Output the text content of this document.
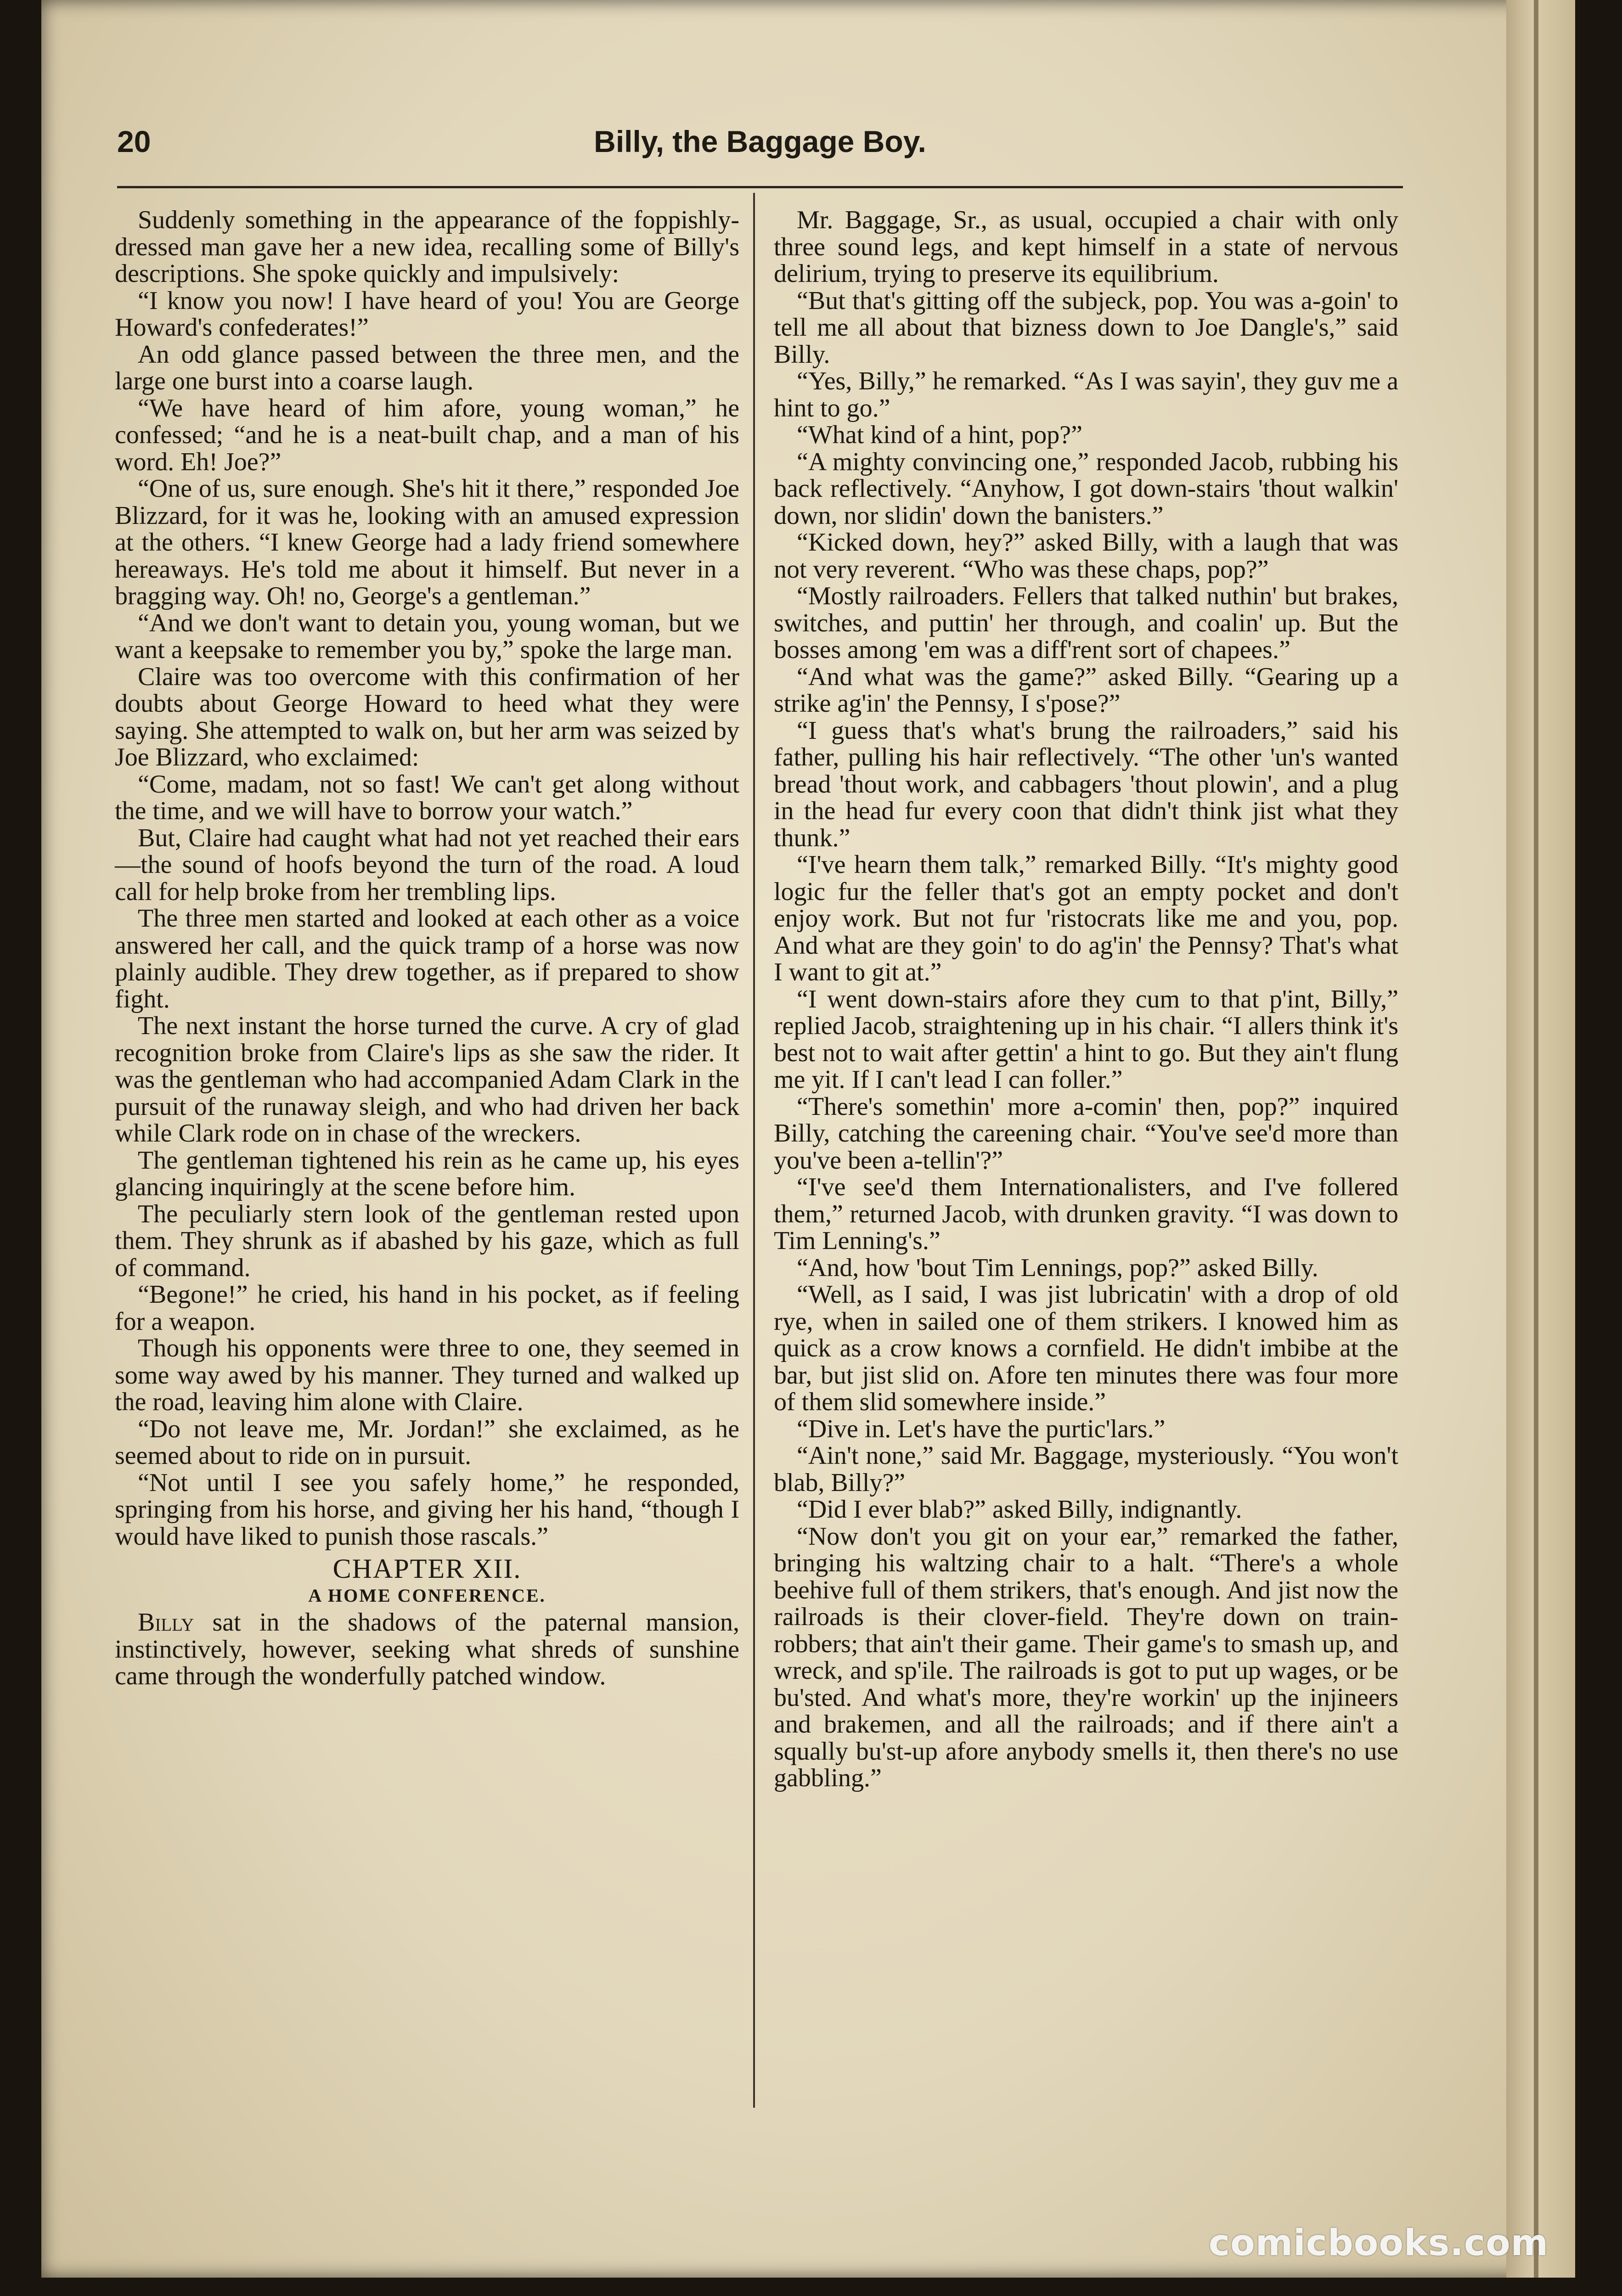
20	Billy, the Baggage Boy.

Suddenly something in the appearance of the foppishly-dressed man gave her a new idea, recalling some of Billy's descriptions. She spoke quickly and impulsively:

“I know you now! I have heard of you! You are George Howard's confederates!”

An odd glance passed between the three men, and the large one burst into a coarse laugh.

“We have heard of him afore, young woman,” he confessed; “and he is a neat-built chap, and a man of his word. Eh! Joe?”

“One of us, sure enough. She's hit it there,” responded Joe Blizzard, for it was he, looking with an amused expression at the others. “I knew George had a lady friend somewhere hereaways. He's told me about it himself. But never in a bragging way. Oh! no, George's a gentleman.”

“And we don't want to detain you, young woman, but we want a keepsake to remember you by,” spoke the large man.

Claire was too overcome with this confirmation of her doubts about George Howard to heed what they were saying. She attempted to walk on, but her arm was seized by Joe Blizzard, who exclaimed:

“Come, madam, not so fast! We can't get along without the time, and we will have to borrow your watch.”

But, Claire had caught what had not yet reached their ears—the sound of hoofs beyond the turn of the road. A loud call for help broke from her trembling lips.

The three men started and looked at each other as a voice answered her call, and the quick tramp of a horse was now plainly audible. They drew together, as if prepared to show fight.

The next instant the horse turned the curve. A cry of glad recognition broke from Claire's lips as she saw the rider. It was the gentleman who had accompanied Adam Clark in the pursuit of the runaway sleigh, and who had driven her back while Clark rode on in chase of the wreckers.

The gentleman tightened his rein as he came up, his eyes glancing inquiringly at the scene before him.

The peculiarly stern look of the gentleman rested upon them. They shrunk as if abashed by his gaze, which as full of command.

“Begone!” he cried, his hand in his pocket, as if feeling for a weapon.

Though his opponents were three to one, they seemed in some way awed by his manner. They turned and walked up the road, leaving him alone with Claire.

“Do not leave me, Mr. Jordan!” she exclaimed, as he seemed about to ride on in pursuit.

“Not until I see you safely home,” he responded, springing from his horse, and giving her his hand, “though I would have liked to punish those rascals.”

CHAPTER XII.
A HOME CONFERENCE.

Billy sat in the shadows of the paternal mansion, instinctively, however, seeking what shreds of sunshine came through the wonderfully patched window.

Mr. Baggage, Sr., as usual, occupied a chair with only three sound legs, and kept himself in a state of nervous delirium, trying to preserve its equilibrium.

“But that's gitting off the subjeck, pop. You was a-goin' to tell me all about that bizness down to Joe Dangle's,” said Billy.

“Yes, Billy,” he remarked. “As I was sayin', they guv me a hint to go.”

“What kind of a hint, pop?”

“A mighty convincing one,” responded Jacob, rubbing his back reflectively. “Anyhow, I got down-stairs 'thout walkin' down, nor slidin' down the banisters.”

“Kicked down, hey?” asked Billy, with a laugh that was not very reverent. “Who was these chaps, pop?”

“Mostly railroaders. Fellers that talked nuthin' but brakes, switches, and puttin' her through, and coalin' up. But the bosses among 'em was a diff'rent sort of chapees.”

“And what was the game?” asked Billy. “Gearing up a strike ag'in' the Pennsy, I s'pose?”

“I guess that's what's brung the railroaders,” said his father, pulling his hair reflectively. “The other 'un's wanted bread 'thout work, and cabbagers 'thout plowin', and a plug in the head fur every coon that didn't think jist what they thunk.”

“I've hearn them talk,” remarked Billy. “It's mighty good logic fur the feller that's got an empty pocket and don't enjoy work. But not fur 'ristocrats like me and you, pop. And what are they goin' to do ag'in' the Pennsy? That's what I want to git at.”

“I went down-stairs afore they cum to that p'int, Billy,” replied Jacob, straightening up in his chair. “I allers think it's best not to wait after gettin' a hint to go. But they ain't flung me yit. If I can't lead I can foller.”

“There's somethin' more a-comin' then, pop?” inquired Billy, catching the careening chair. “You've see'd more than you've been a-tellin'?”

“I've see'd them Internationalisters, and I've follered them,” returned Jacob, with drunken gravity. “I was down to Tim Lenning's.”

“And, how 'bout Tim Lennings, pop?” asked Billy.

“Well, as I said, I was jist lubricatin' with a drop of old rye, when in sailed one of them strikers. I knowed him as quick as a crow knows a cornfield. He didn't imbibe at the bar, but jist slid on. Afore ten minutes there was four more of them slid somewhere inside.”

“Dive in. Let's have the purtic'lars.”

“Ain't none,” said Mr. Baggage, mysteriously. “You won't blab, Billy?”

“Did I ever blab?” asked Billy, indignantly.

“Now don't you git on your ear,” remarked the father, bringing his waltzing chair to a halt. “There's a whole beehive full of them strikers, that's enough. And jist now the railroads is their clover-field. They're down on train-robbers; that ain't their game. Their game's to smash up, and wreck, and sp'ile. The railroads is got to put up wages, or be bu'sted. And what's more, they're workin' up the injineers and brakemen, and all the railroads; and if there ain't a squally bu'st-up afore anybody smells it, then there's no use gabbling.”

comicbooks.com
